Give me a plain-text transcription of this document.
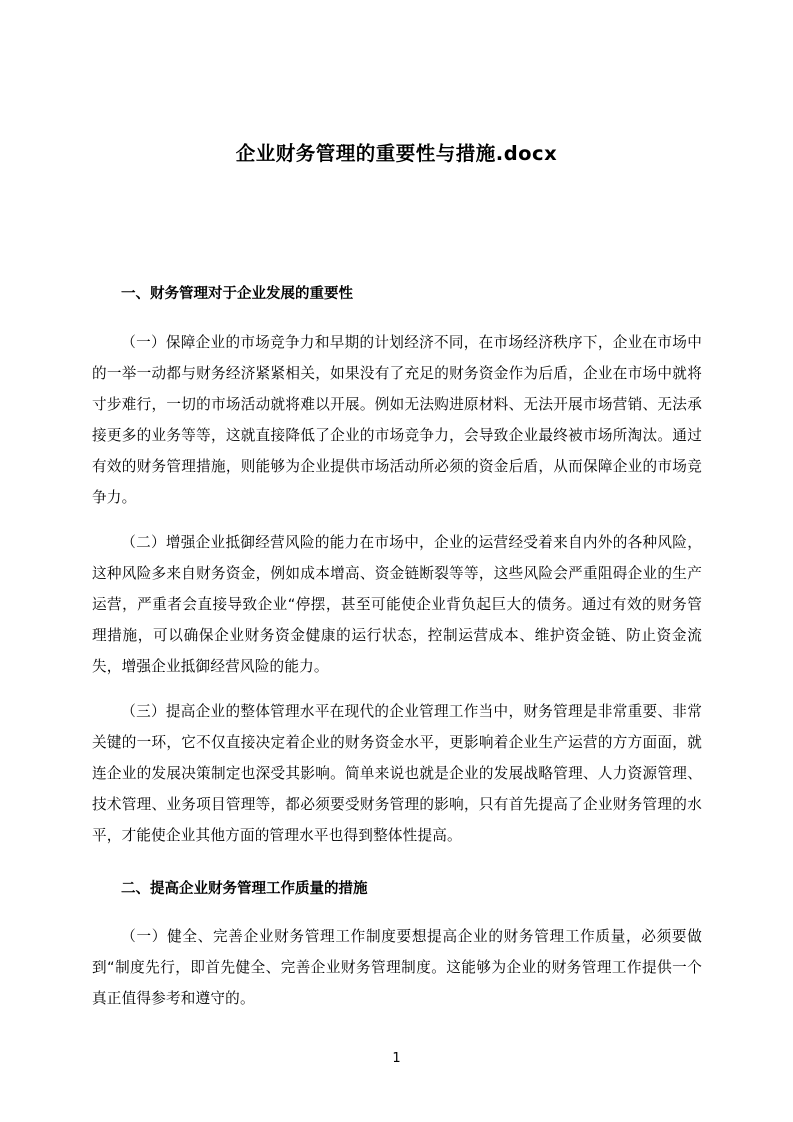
企业财务管理的重要性与措施.docx
一、财务管理对于企业发展的重要性

（一）保障企业的市场竞争力和早期的计划经济不同，在市场经济秩序下，企业在市场中的一举一动都与财务经济紧紧相关，如果没有了充足的财务资金作为后盾，企业在市场中就将寸步难行，一切的市场活动就将难以开展。例如无法购进原材料、无法开展市场营销、无法承接更多的业务等等，这就直接降低了企业的市场竞争力，会导致企业最终被市场所淘汰。通过有效的财务管理措施，则能够为企业提供市场活动所必须的资金后盾，从而保障企业的市场竞争力。

（二）增强企业抵御经营风险的能力在市场中，企业的运营经受着来自内外的各种风险，这种风险多来自财务资金，例如成本增高、资金链断裂等等，这些风险会严重阻碍企业的生产运营，严重者会直接导致企业“停摆，甚至可能使企业背负起巨大的债务。通过有效的财务管理措施，可以确保企业财务资金健康的运行状态，控制运营成本、维护资金链、防止资金流失，增强企业抵御经营风险的能力。

（三）提高企业的整体管理水平在现代的企业管理工作当中，财务管理是非常重要、非常关键的一环，它不仅直接决定着企业的财务资金水平，更影响着企业生产运营的方方面面，就连企业的发展决策制定也深受其影响。简单来说也就是企业的发展战略管理、人力资源管理、技术管理、业务项目管理等，都必须要受财务管理的影响，只有首先提高了企业财务管理的水平，才能使企业其他方面的管理水平也得到整体性提高。

二、提高企业财务管理工作质量的措施

（一）健全、完善企业财务管理工作制度要想提高企业的财务管理工作质量，必须要做到“制度先行，即首先健全、完善企业财务管理制度。这能够为企业的财务管理工作提供一个真正值得参考和遵守的。

1
